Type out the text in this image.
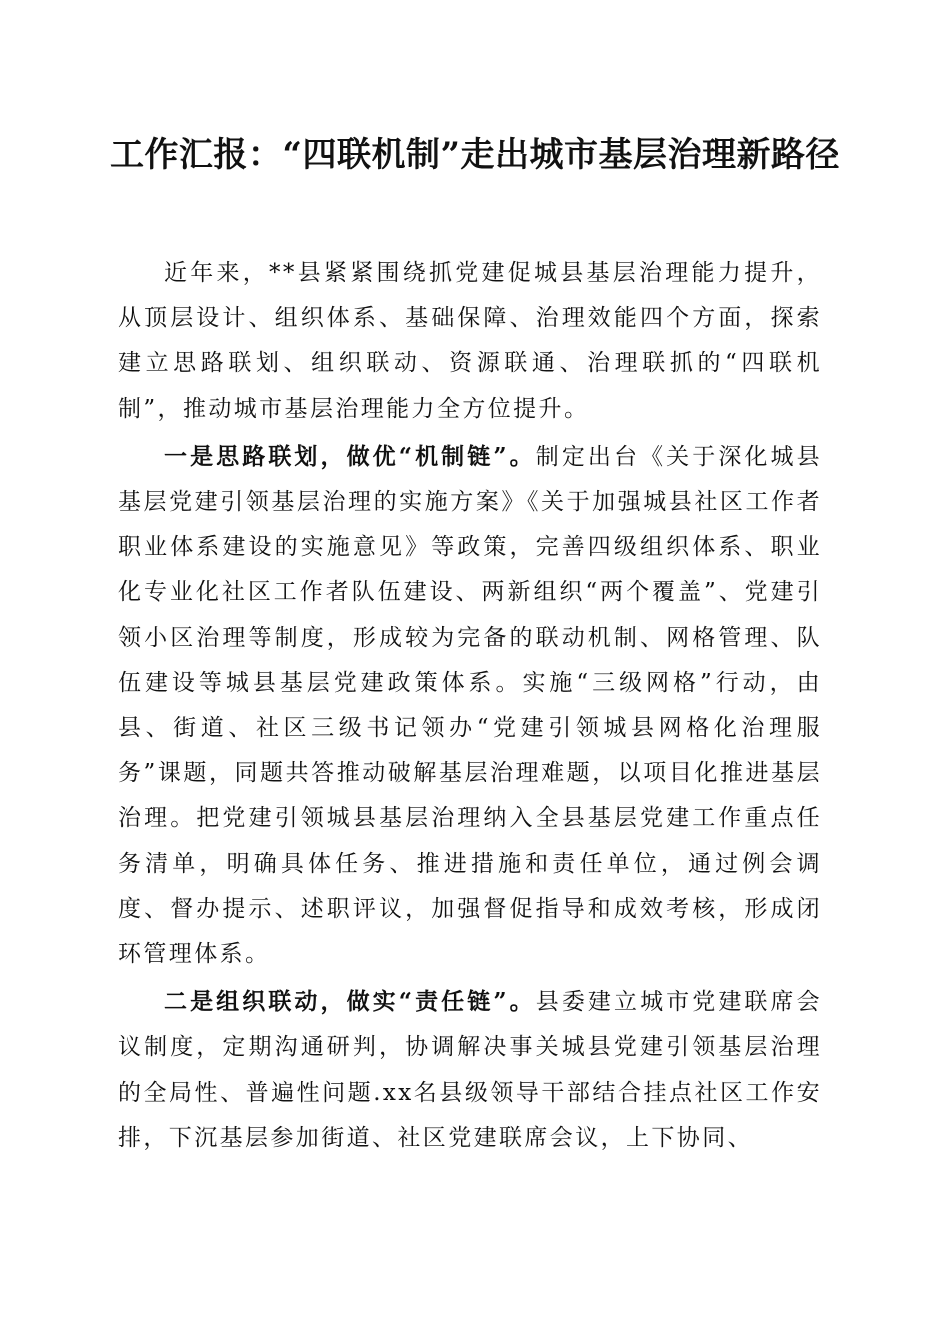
工作汇报：“四联机制”走出城市基层治理新路径

近年来，**县紧紧围绕抓党建促城县基层治理能力提升，从顶层设计、组织体系、基础保障、治理效能四个方面，探索建立思路联划、组织联动、资源联通、治理联抓的“四联机制”，推动城市基层治理能力全方位提升。

一是思路联划，做优“机制链”。制定出台《关于深化城县基层党建引领基层治理的实施方案》《关于加强城县社区工作者职业体系建设的实施意见》等政策，完善四级组织体系、职业化专业化社区工作者队伍建设、两新组织“两个覆盖”、党建引领小区治理等制度，形成较为完备的联动机制、网格管理、队伍建设等城县基层党建政策体系。实施“三级网格”行动，由县、街道、社区三级书记领办“党建引领城县网格化治理服务”课题，同题共答推动破解基层治理难题，以项目化推进基层治理。把党建引领城县基层治理纳入全县基层党建工作重点任务清单，明确具体任务、推进措施和责任单位，通过例会调度、督办提示、述职评议，加强督促指导和成效考核，形成闭环管理体系。

二是组织联动，做实“责任链”。县委建立城市党建联席会议制度，定期沟通研判，协调解决事关城县党建引领基层治理的全局性、普遍性问题.xx名县级领导干部结合挂点社区工作安排，下沉基层参加街道、社区党建联席会议，上下协同、
